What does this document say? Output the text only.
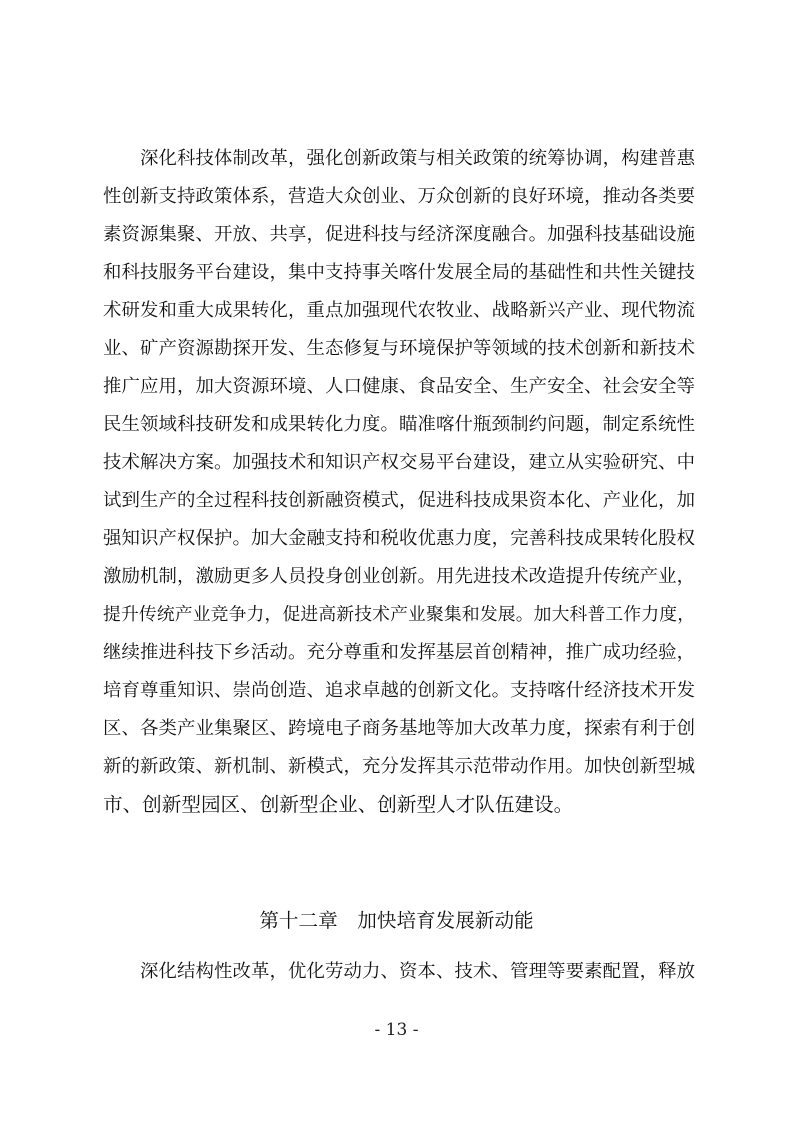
深化科技体制改革，强化创新政策与相关政策的统筹协调，构建普惠
性创新支持政策体系，营造大众创业、万众创新的良好环境，推动各类要
素资源集聚、开放、共享，促进科技与经济深度融合。加强科技基础设施
和科技服务平台建设，集中支持事关喀什发展全局的基础性和共性关键技
术研发和重大成果转化，重点加强现代农牧业、战略新兴产业、现代物流
业、矿产资源勘探开发、生态修复与环境保护等领域的技术创新和新技术
推广应用，加大资源环境、人口健康、食品安全、生产安全、社会安全等
民生领域科技研发和成果转化力度。瞄准喀什瓶颈制约问题，制定系统性
技术解决方案。加强技术和知识产权交易平台建设，建立从实验研究、中
试到生产的全过程科技创新融资模式，促进科技成果资本化、产业化，加
强知识产权保护。加大金融支持和税收优惠力度，完善科技成果转化股权
激励机制，激励更多人员投身创业创新。用先进技术改造提升传统产业，
提升传统产业竞争力，促进高新技术产业聚集和发展。加大科普工作力度，
继续推进科技下乡活动。充分尊重和发挥基层首创精神，推广成功经验，
培育尊重知识、崇尚创造、追求卓越的创新文化。支持喀什经济技术开发
区、各类产业集聚区、跨境电子商务基地等加大改革力度，探索有利于创
新的新政策、新机制、新模式，充分发挥其示范带动作用。加快创新型城
市、创新型园区、创新型企业、创新型人才队伍建设。
第十二章　加快培育发展新动能
深化结构性改革，优化劳动力、资本、技术、管理等要素配置，释放
- 13 -
